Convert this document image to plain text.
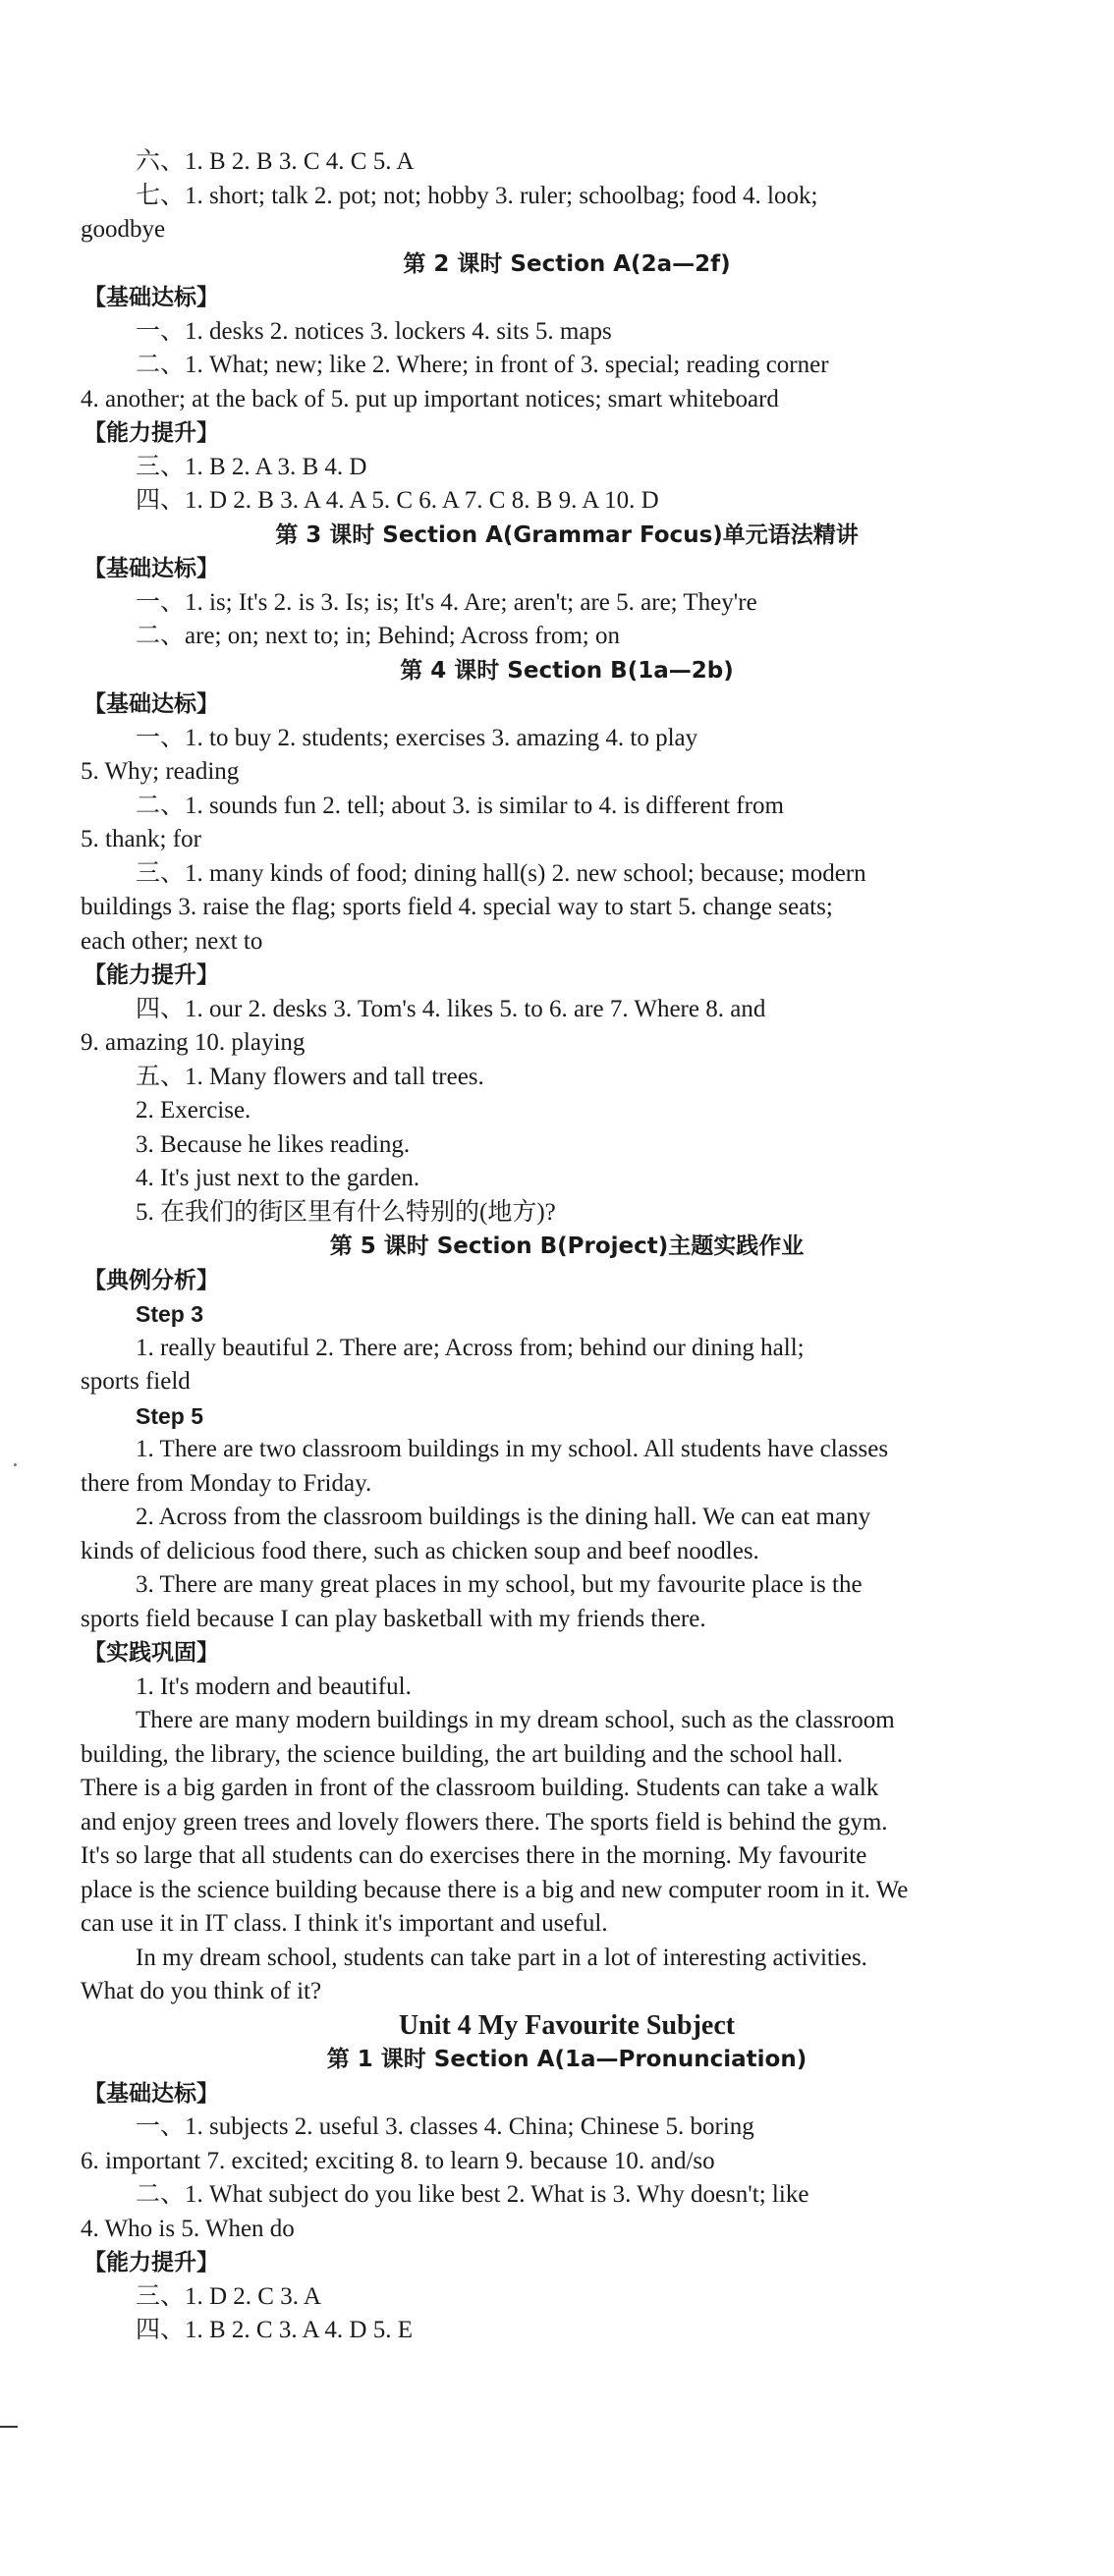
六、1. B 2. B 3. C 4. C 5. A

七、1. short; talk 2. pot; not; hobby 3. ruler; schoolbag; food 4. look;

goodbye

第 2 课时 Section A(2a—2f)

【基础达标】

一、1. desks 2. notices 3. lockers 4. sits 5. maps

二、1. What; new; like 2. Where; in front of 3. special; reading corner

4. another; at the back of 5. put up important notices; smart whiteboard

【能力提升】

三、1. B 2. A 3. B 4. D

四、1. D 2. B 3. A 4. A 5. C 6. A 7. C 8. B 9. A 10. D

第 3 课时 Section A(Grammar Focus)单元语法精讲

【基础达标】

一、1. is; It's 2. is 3. Is; is; It's 4. Are; aren't; are 5. are; They're

二、are; on; next to; in; Behind; Across from; on

第 4 课时 Section B(1a—2b)

【基础达标】

一、1. to buy 2. students; exercises 3. amazing 4. to play

5. Why; reading

二、1. sounds fun 2. tell; about 3. is similar to 4. is different from

5. thank; for

三、1. many kinds of food; dining hall(s) 2. new school; because; modern

buildings 3. raise the flag; sports field 4. special way to start 5. change seats;

each other; next to

【能力提升】

四、1. our 2. desks 3. Tom's 4. likes 5. to 6. are 7. Where 8. and

9. amazing 10. playing

五、1. Many flowers and tall trees.

2. Exercise.

3. Because he likes reading.

4. It's just next to the garden.

5. 在我们的街区里有什么特别的(地方)?

第 5 课时 Section B(Project)主题实践作业

【典例分析】

Step 3

1. really beautiful 2. There are; Across from; behind our dining hall;

sports field

Step 5

1. There are two classroom buildings in my school. All students have classes

there from Monday to Friday.

2. Across from the classroom buildings is the dining hall. We can eat many

kinds of delicious food there, such as chicken soup and beef noodles.

3. There are many great places in my school, but my favourite place is the

sports field because I can play basketball with my friends there.

【实践巩固】

1. It's modern and beautiful.

There are many modern buildings in my dream school, such as the classroom

building, the library, the science building, the art building and the school hall.

There is a big garden in front of the classroom building. Students can take a walk

and enjoy green trees and lovely flowers there. The sports field is behind the gym.

It's so large that all students can do exercises there in the morning. My favourite

place is the science building because there is a big and new computer room in it. We

can use it in IT class. I think it's important and useful.

In my dream school, students can take part in a lot of interesting activities.

What do you think of it?

Unit 4 My Favourite Subject

第 1 课时 Section A(1a—Pronunciation)

【基础达标】

一、1. subjects 2. useful 3. classes 4. China; Chinese 5. boring

6. important 7. excited; exciting 8. to learn 9. because 10. and/so

二、1. What subject do you like best 2. What is 3. Why doesn't; like

4. Who is 5. When do

【能力提升】

三、1. D 2. C 3. A

四、1. B 2. C 3. A 4. D 5. E
